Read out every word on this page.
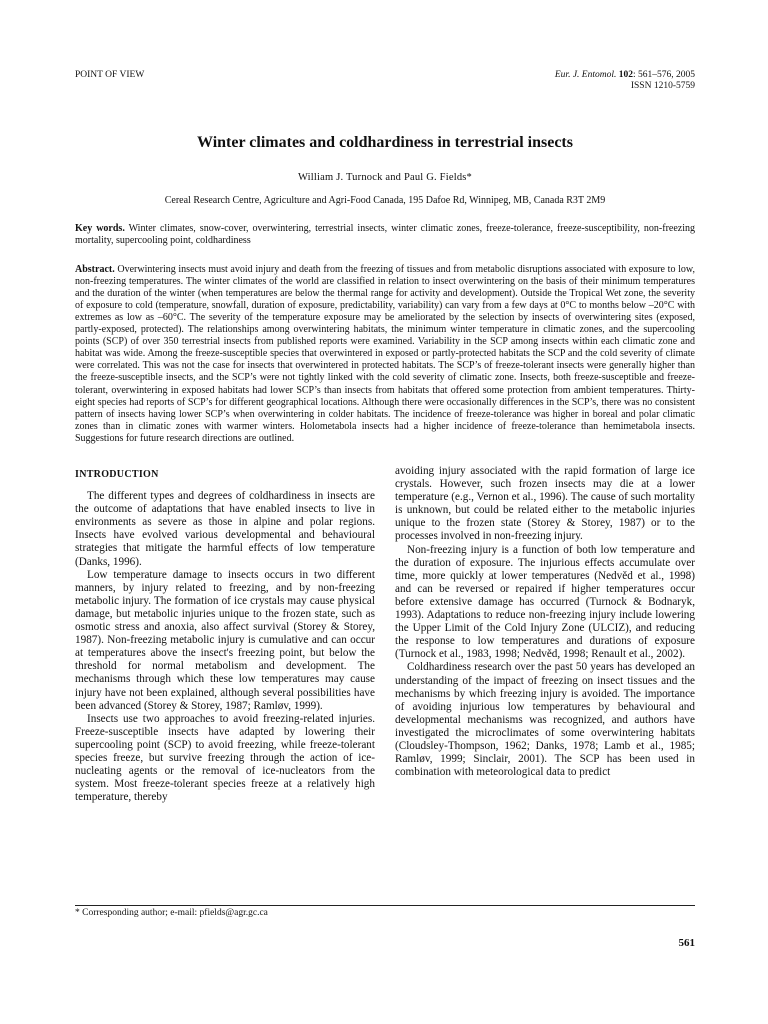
POINT OF VIEW	Eur. J. Entomol. 102: 561–576, 2005
ISSN 1210-5759
Winter climates and coldhardiness in terrestrial insects
William J. Turnock and Paul G. Fields*
Cereal Research Centre, Agriculture and Agri-Food Canada, 195 Dafoe Rd, Winnipeg, MB, Canada R3T 2M9
Key words. Winter climates, snow-cover, overwintering, terrestrial insects, winter climatic zones, freeze-tolerance, freeze-susceptibility, non-freezing mortality, supercooling point, coldhardiness
Abstract. Overwintering insects must avoid injury and death from the freezing of tissues and from metabolic disruptions associated with exposure to low, non-freezing temperatures. The winter climates of the world are classified in relation to insect overwintering on the basis of their minimum temperatures and the duration of the winter (when temperatures are below the thermal range for activity and development). Outside the Tropical Wet zone, the severity of exposure to cold (temperature, snowfall, duration of exposure, predictability, variability) can vary from a few days at 0°C to months below –20°C with extremes as low as –60°C. The severity of the temperature exposure may be ameliorated by the selection by insects of overwintering sites (exposed, partly-exposed, protected). The relationships among overwintering habitats, the minimum winter temperature in climatic zones, and the supercooling points (SCP) of over 350 terrestrial insects from published reports were examined. Variability in the SCP among insects within each climatic zone and habitat was wide. Among the freeze-susceptible species that overwintered in exposed or partly-protected habitats the SCP and the cold severity of climate were correlated. This was not the case for insects that overwintered in protected habitats. The SCP’s of freeze-tolerant insects were generally higher than the freeze-susceptible insects, and the SCP’s were not tightly linked with the cold severity of climatic zone. Insects, both freeze-susceptible and freeze-tolerant, overwintering in exposed habitats had lower SCP’s than insects from habitats that offered some protection from ambient temperatures. Thirty-eight species had reports of SCP’s for different geographical locations. Although there were occasionally differences in the SCP’s, there was no consistent pattern of insects having lower SCP’s when overwintering in colder habitats. The incidence of freeze-tolerance was higher in boreal and polar climatic zones than in climatic zones with warmer winters. Holometabola insects had a higher incidence of freeze-tolerance than hemimetabola insects. Suggestions for future research directions are outlined.
INTRODUCTION

The different types and degrees of coldhardiness in insects are the outcome of adaptations that have enabled insects to live in environments as severe as those in alpine and polar regions. Insects have evolved various developmental and behavioural strategies that mitigate the harmful effects of low temperature (Danks, 1996).

Low temperature damage to insects occurs in two different manners, by injury related to freezing, and by non-freezing metabolic injury. The formation of ice crystals may cause physical damage, but metabolic injuries unique to the frozen state, such as osmotic stress and anoxia, also affect survival (Storey & Storey, 1987). Non-freezing metabolic injury is cumulative and can occur at temperatures above the insect's freezing point, but below the threshold for normal metabolism and development. The mechanisms through which these low temperatures may cause injury have not been explained, although several possibilities have been advanced (Storey & Storey, 1987; Ramløv, 1999).

Insects use two approaches to avoid freezing-related injuries. Freeze-susceptible insects have adapted by lowering their supercooling point (SCP) to avoid freezing, while freeze-tolerant species freeze, but survive freezing through the action of ice-nucleating agents or the removal of ice-nucleators from the system. Most freeze-tolerant species freeze at a relatively high temperature, thereby

avoiding injury associated with the rapid formation of large ice crystals. However, such frozen insects may die at a lower temperature (e.g., Vernon et al., 1996). The cause of such mortality is unknown, but could be related either to the metabolic injuries unique to the frozen state (Storey & Storey, 1987) or to the processes involved in non-freezing injury.

Non-freezing injury is a function of both low temperature and the duration of exposure. The injurious effects accumulate over time, more quickly at lower temperatures (Nedvěd et al., 1998) and can be reversed or repaired if higher temperatures occur before extensive damage has occurred (Turnock & Bodnaryk, 1993). Adaptations to reduce non-freezing injury include lowering the Upper Limit of the Cold Injury Zone (ULCIZ), and reducing the response to low temperatures and durations of exposure (Turnock et al., 1983, 1998; Nedvěd, 1998; Renault et al., 2002).

Coldhardiness research over the past 50 years has developed an understanding of the impact of freezing on insect tissues and the mechanisms by which freezing injury is avoided. The importance of avoiding injurious low temperatures by behavioural and developmental mechanisms was recognized, and authors have investigated the microclimates of some overwintering habitats (Cloudsley-Thompson, 1962; Danks, 1978; Lamb et al., 1985; Ramløv, 1999; Sinclair, 2001). The SCP has been used in combination with meteorological data to predict

* Corresponding author; e-mail: pfields@agr.gc.ca
561
